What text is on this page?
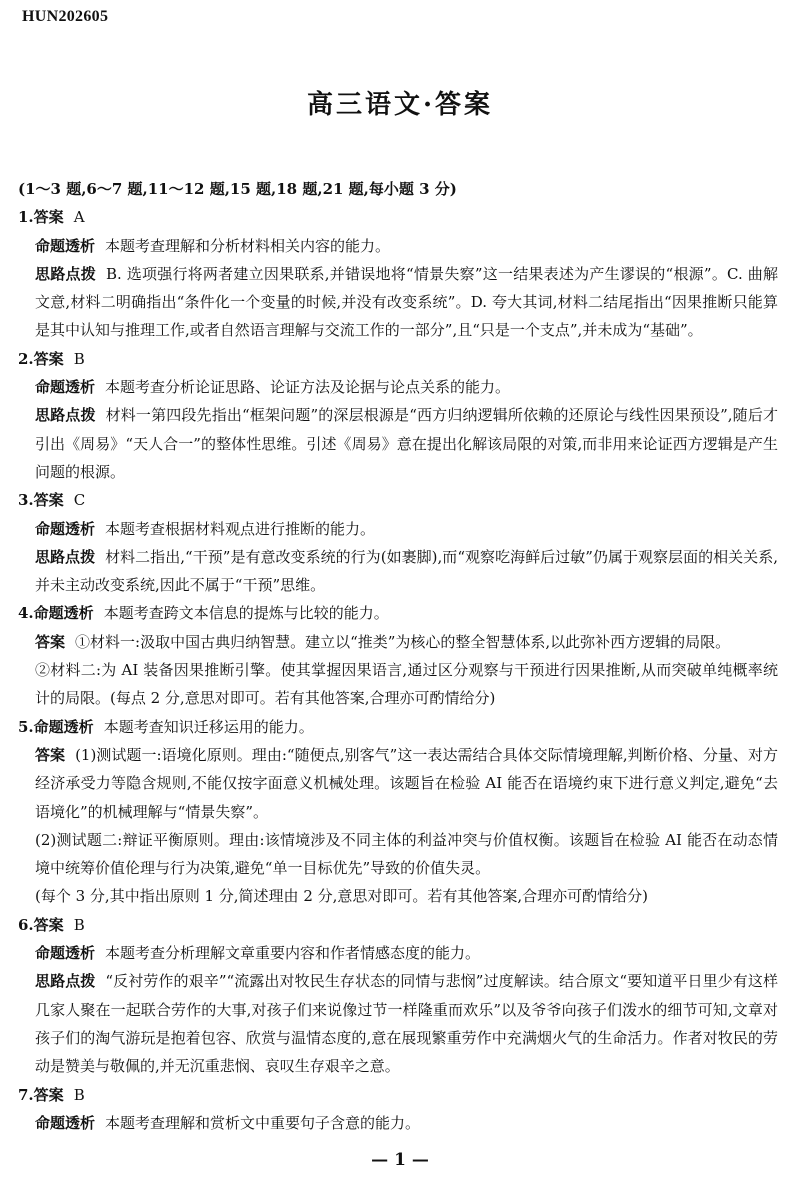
HUN202605
高三语文·答案

(1～3 题,6～7 题,11～12 题,15 题,18 题,21 题,每小题 3 分)

1.答案 A

命题透析 本题考查理解和分析材料相关内容的能力。

思路点拨 B. 选项强行将两者建立因果联系,并错误地将“情景失察”这一结果表述为产生谬误的“根源”。C. 曲解文意,材料二明确指出“条件化一个变量的时候,并没有改变系统”。D. 夸大其词,材料二结尾指出“因果推断只能算是其中认知与推理工作,或者自然语言理解与交流工作的一部分”,且“只是一个支点”,并未成为“基础”。

2.答案 B

命题透析 本题考查分析论证思路、论证方法及论据与论点关系的能力。

思路点拨 材料一第四段先指出“框架问题”的深层根源是“西方归纳逻辑所依赖的还原论与线性因果预设”,随后才引出《周易》“天人合一”的整体性思维。引述《周易》意在提出化解该局限的对策,而非用来论证西方逻辑是产生问题的根源。

3.答案 C

命题透析 本题考查根据材料观点进行推断的能力。

思路点拨 材料二指出,“干预”是有意改变系统的行为(如裹脚),而“观察吃海鲜后过敏”仍属于观察层面的相关关系,并未主动改变系统,因此不属于“干预”思维。

4.命题透析 本题考查跨文本信息的提炼与比较的能力。

答案 ①材料一:汲取中国古典归纳智慧。建立以“推类”为核心的整全智慧体系,以此弥补西方逻辑的局限。

②材料二:为 AI 装备因果推断引擎。使其掌握因果语言,通过区分观察与干预进行因果推断,从而突破单纯概率统计的局限。(每点 2 分,意思对即可。若有其他答案,合理亦可酌情给分)

5.命题透析 本题考查知识迁移运用的能力。

答案 (1)测试题一:语境化原则。理由:“随便点,别客气”这一表达需结合具体交际情境理解,判断价格、分量、对方经济承受力等隐含规则,不能仅按字面意义机械处理。该题旨在检验 AI 能否在语境约束下进行意义判定,避免“去语境化”的机械理解与“情景失察”。

(2)测试题二:辩证平衡原则。理由:该情境涉及不同主体的利益冲突与价值权衡。该题旨在检验 AI 能否在动态情境中统筹价值伦理与行为决策,避免“单一目标优先”导致的价值失灵。

(每个 3 分,其中指出原则 1 分,简述理由 2 分,意思对即可。若有其他答案,合理亦可酌情给分)

6.答案 B

命题透析 本题考查分析理解文章重要内容和作者情感态度的能力。

思路点拨 “反衬劳作的艰辛”“流露出对牧民生存状态的同情与悲悯”过度解读。结合原文“要知道平日里少有这样几家人聚在一起联合劳作的大事,对孩子们来说像过节一样隆重而欢乐”以及爷爷向孩子们泼水的细节可知,文章对孩子们的淘气游玩是抱着包容、欣赏与温情态度的,意在展现繁重劳作中充满烟火气的生命活力。作者对牧民的劳动是赞美与敬佩的,并无沉重悲悯、哀叹生存艰辛之意。

7.答案 B

命题透析 本题考查理解和赏析文中重要句子含意的能力。

— 1 —
